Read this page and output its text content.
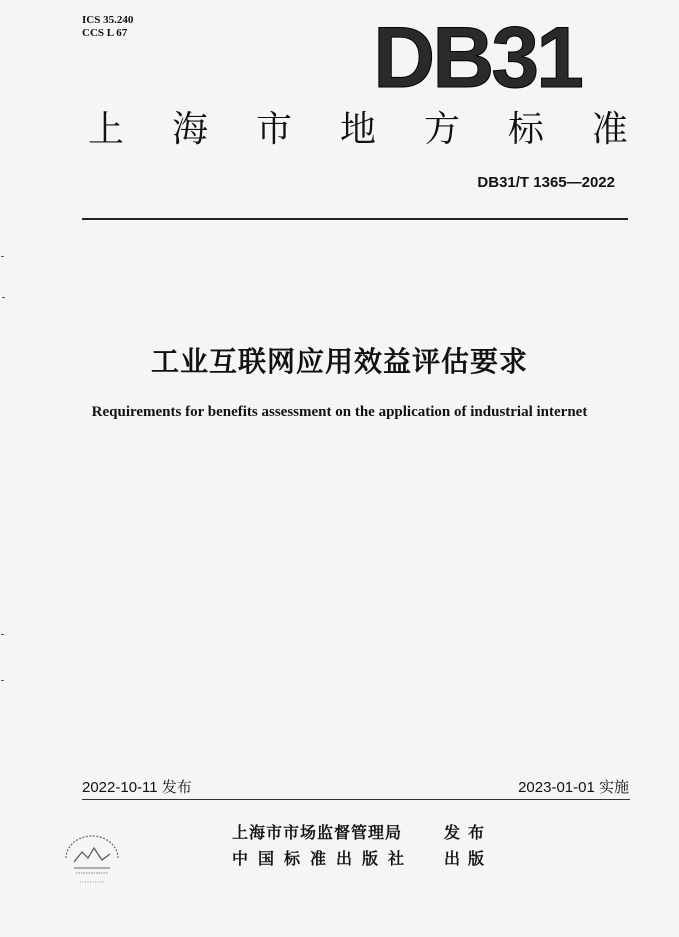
ICS 35.240
CCS L 67	DB31
上 海 市 地 方 标 准
DB31/T 1365—2022
工业互联网应用效益评估要求
Requirements for benefits assessment on the application of industrial internet
2022-10-11 发布	2023-01-01 实施
上海市市场监督管理局
中国标准出版社
发布
出版
